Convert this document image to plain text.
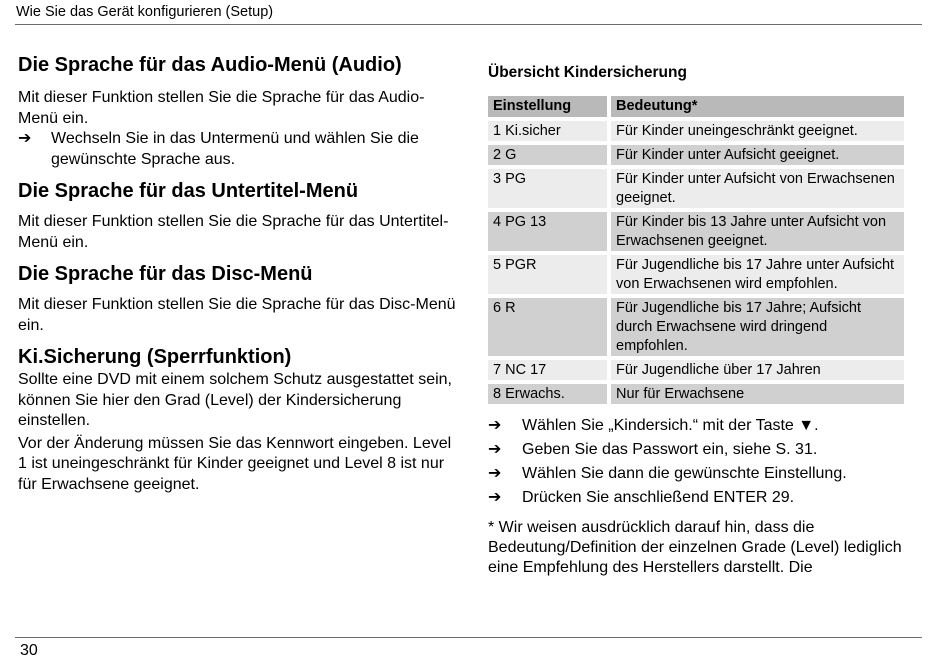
Wie Sie das Gerät konfigurieren (Setup)
Die Sprache für das Audio-Menü (Audio)

Mit dieser Funktion stellen Sie die Sprache für das Audio-Menü ein.

➔	Wechseln Sie in das Untermenü und wählen Sie die gewünschte Sprache aus.
Die Sprache für das Untertitel-Menü

Mit dieser Funktion stellen Sie die Sprache für das Untertitel-Menü ein.

Die Sprache für das Disc-Menü

Mit dieser Funktion stellen Sie die Sprache für das Disc-Menü ein.

Ki.Sicherung (Sperrfunktion)

Sollte eine DVD mit einem solchem Schutz ausgestattet sein, können Sie hier den Grad (Level) der Kindersicherung einstellen.

Vor der Änderung müssen Sie das Kennwort eingeben. Level 1 ist uneingeschränkt für Kinder geeignet und Level 8 ist nur für Erwachsene geeignet.

Übersicht Kindersicherung
Einstellung	Bedeutung*
1 Ki.sicher	Für Kinder uneingeschränkt geeignet.
2 G	Für Kinder unter Aufsicht geeignet.
3 PG	Für Kinder unter Aufsicht von Erwachsenen geeignet.
4 PG 13	Für Kinder bis 13 Jahre unter Aufsicht von Erwachsenen geeignet.
5 PGR	Für Jugendliche bis 17 Jahre unter Aufsicht von Erwachsenen wird empfohlen.
6 R	Für Jugendliche bis 17 Jahre; Aufsicht durch Erwachsene wird dringend empfohlen.
7 NC 17	Für Jugendliche über 17 Jahren
8 Erwachs.	Nur für Erwachsene
➔	Wählen Sie „Kindersich.“ mit der Taste ▼.
➔	Geben Sie das Passwort ein, siehe S. 31.
➔	Wählen Sie dann die gewünschte Einstellung.
➔	Drücken Sie anschließend ENTER 29.

* Wir weisen ausdrücklich darauf hin, dass die Bedeutung/Definition der einzelnen Grade (Level) lediglich eine Empfehlung des Herstellers darstellt. Die

30
